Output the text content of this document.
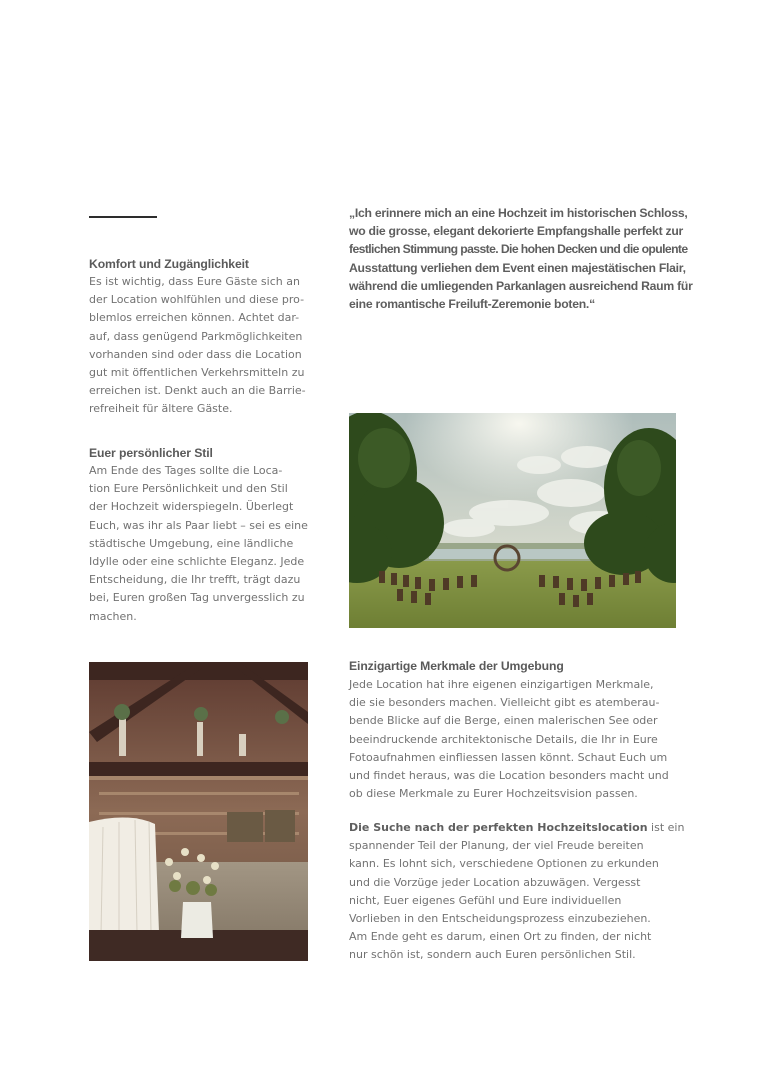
„Ich erinnere mich an eine Hochzeit im historischen Schloss,
wo die grosse, elegant dekorierte Empfangshalle perfekt zur
festlichen Stimmung passte. Die hohen Decken und die opulente
Ausstattung verliehen dem Event einen majestätischen Flair,
während die umliegenden Parkanlagen ausreichend Raum für
eine romantische Freiluft-Zeremonie boten.“

Komfort und Zugänglichkeit
Es ist wichtig, dass Eure Gäste sich an
der Location wohlfühlen und diese pro-
blemlos erreichen können. Achtet dar-
auf, dass genügend Parkmöglichkeiten
vorhanden sind oder dass die Location
gut mit öffentlichen Verkehrsmitteln zu
erreichen ist. Denkt auch an die Barrie-
refreiheit für ältere Gäste.
Euer persönlicher Stil
Am Ende des Tages sollte die Loca-
tion Eure Persönlichkeit und den Stil
der Hochzeit widerspiegeln. Überlegt
Euch, was ihr als Paar liebt – sei es eine
städtische Umgebung, eine ländliche
Idylle oder eine schlichte Eleganz. Jede
Entscheidung, die Ihr trefft, trägt dazu
bei, Euren großen Tag unvergesslich zu
machen.
Einzigartige Merkmale der Umgebung
Jede Location hat ihre eigenen einzigartigen Merkmale,
die sie besonders machen. Vielleicht gibt es atemberau-
bende Blicke auf die Berge, einen malerischen See oder
beeindruckende architektonische Details, die Ihr in Eure
Fotoaufnahmen einfliessen lassen könnt. Schaut Euch um
und findet heraus, was die Location besonders macht und
ob diese Merkmale zu Eurer Hochzeitsvision passen.
Die Suche nach der perfekten Hochzeitslocation ist ein
spannender Teil der Planung, der viel Freude bereiten
kann. Es lohnt sich, verschiedene Optionen zu erkunden
und die Vorzüge jeder Location abzuwägen. Vergesst
nicht, Euer eigenes Gefühl und Eure individuellen
Vorlieben in den Entscheidungsprozess einzubeziehen.
Am Ende geht es darum, einen Ort zu finden, der nicht
nur schön ist, sondern auch Euren persönlichen Stil.
